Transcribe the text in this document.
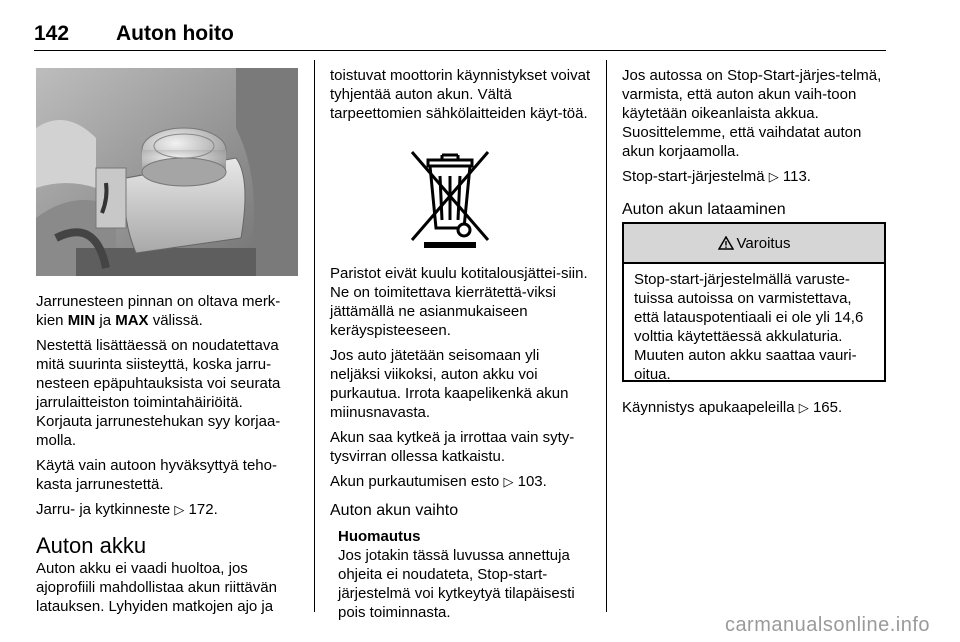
142 Auton hoito

Jarrunesteen pinnan on oltava merk-kien MIN ja MAX välissä.

Nestettä lisättäessä on noudatettava mitä suurinta siisteyttä, koska jarru-nesteen epäpuhtauksista voi seurata jarrulaitteiston toimintahäiriöitä. Korjauta jarrunestehukan syy korjaa-molla.

Käytä vain autoon hyväksyttyä teho-kasta jarrunestettä.

Jarru- ja kytkinneste ▷ 172.

Auton akku

Auton akku ei vaadi huoltoa, jos ajoprofiili mahdollistaa akun riittävän latauksen. Lyhyiden matkojen ajo ja

toistuvat moottorin käynnistykset voivat tyhjentää auton akun. Vältä tarpeettomien sähkölaitteiden käyt-töä.

Paristot eivät kuulu kotitalousjättei-siin. Ne on toimitettava kierrätettä-viksi jättämällä ne asianmukaiseen keräyspisteeseen.

Jos auto jätetään seisomaan yli neljäksi viikoksi, auton akku voi purkautua. Irrota kaapelikenkä akun miinusnavasta.

Akun saa kytkeä ja irrottaa vain syty-tysvirran ollessa katkaistu.

Akun purkautumisen esto ▷ 103.

Auton akun vaihto
Huomautus
Jos jotakin tässä luvussa annettuja ohjeita ei noudateta, Stop-start-järjestelmä voi kytkeytyä tilapäisesti pois toiminnasta.

Jos autossa on Stop-Start-järjes-telmä, varmista, että auton akun vaih-toon käytetään oikeanlaista akkua. Suosittelemme, että vaihdatat auton akun korjaamolla.

Stop-start-järjestelmä ▷ 113.

Auton akun lataaminen
Varoitus
Stop-start-järjestelmällä varuste-tuissa autoissa on varmistettava, että latauspotentiaali ei ole yli 14,6 volttia käytettäessä akkulaturia. Muuten auton akku saattaa vauri-oitua.

Käynnistys apukaapeleilla ▷ 165.

carmanualsonline.info
